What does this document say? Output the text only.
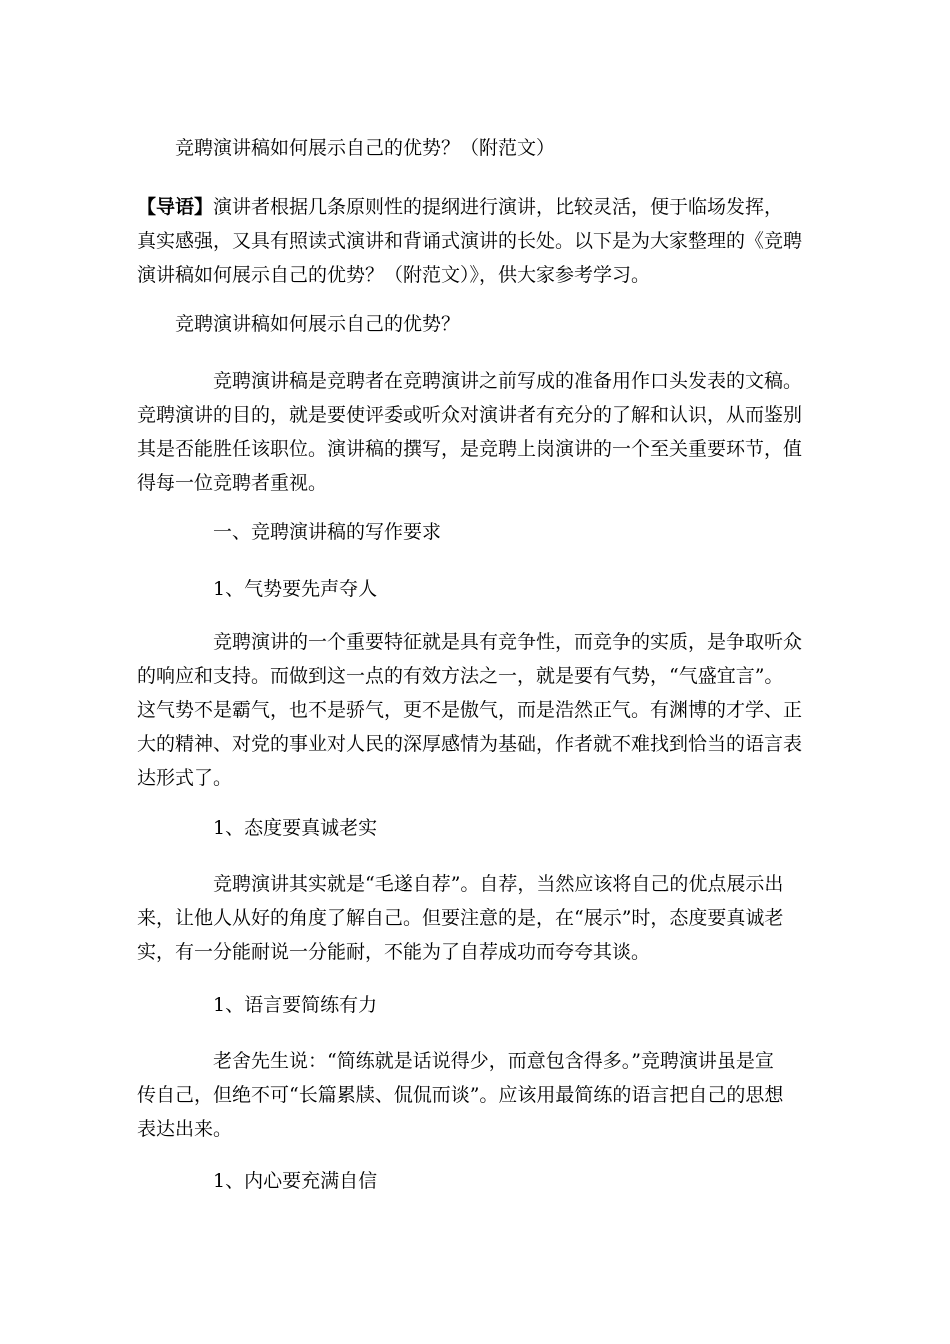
竞聘演讲稿如何展示自己的优势？（附范文）

【导语】演讲者根据几条原则性的提纲进行演讲，比较灵活，便于临场发挥，
真实感强，又具有照读式演讲和背诵式演讲的长处。以下是为大家整理的《竞聘
演讲稿如何展示自己的优势？（附范文）》，供大家参考学习。

竞聘演讲稿如何展示自己的优势？

竞聘演讲稿是竞聘者在竞聘演讲之前写成的准备用作口头发表的文稿。
竞聘演讲的目的，就是要使评委或听众对演讲者有充分的了解和认识，从而鉴别
其是否能胜任该职位。演讲稿的撰写，是竞聘上岗演讲的一个至关重要环节，值
得每一位竞聘者重视。

一、竞聘演讲稿的写作要求

1、气势要先声夺人

竞聘演讲的一个重要特征就是具有竞争性，而竞争的实质，是争取听众
的响应和支持。而做到这一点的有效方法之一，就是要有气势，“气盛宜言”。
这气势不是霸气，也不是骄气，更不是傲气，而是浩然正气。有渊博的才学、正
大的精神、对党的事业对人民的深厚感情为基础，作者就不难找到恰当的语言表
达形式了。

1、态度要真诚老实

竞聘演讲其实就是“毛遂自荐”。自荐，当然应该将自己的优点展示出
来，让他人从好的角度了解自己。但要注意的是，在“展示”时，态度要真诚老
实，有一分能耐说一分能耐，不能为了自荐成功而夸夸其谈。

1、语言要简练有力

老舍先生说：“简练就是话说得少，而意包含得多。”竞聘演讲虽是宣
传自己，但绝不可“长篇累牍、侃侃而谈”。应该用最简练的语言把自己的思想
表达出来。

1、内心要充满自信
